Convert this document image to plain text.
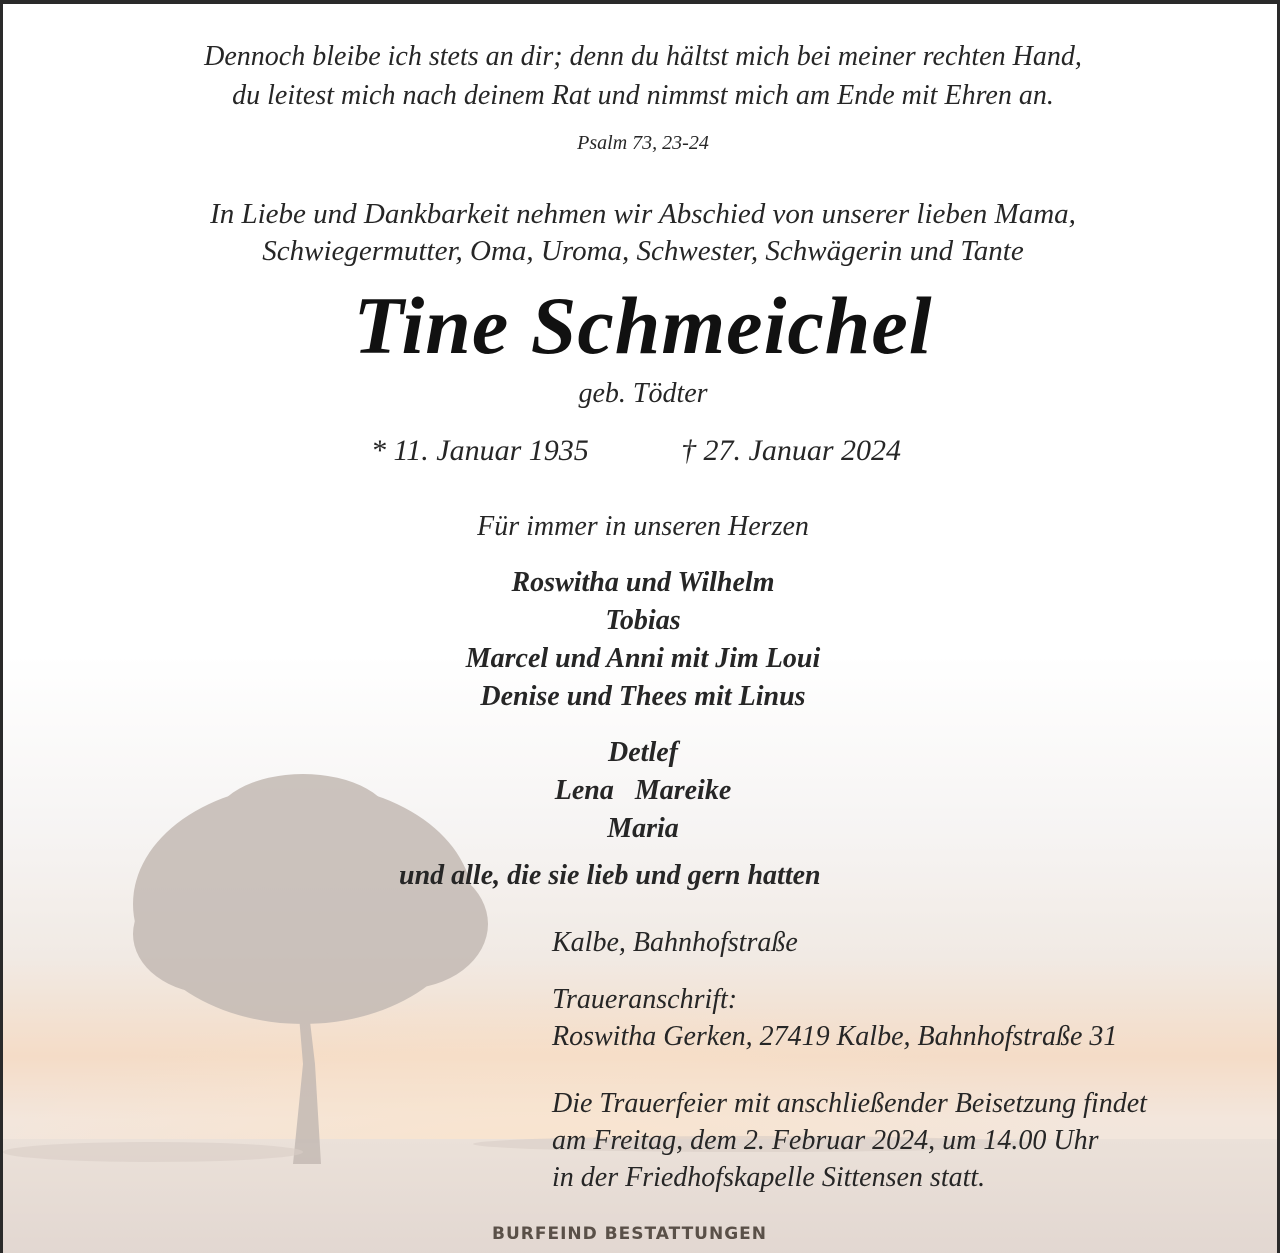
Dennoch bleibe ich stets an dir; denn du hältst mich bei meiner rechten Hand,

du leitest mich nach deinem Rat und nimmst mich am Ende mit Ehren an.

Psalm 73, 23-24

In Liebe und Dankbarkeit nehmen wir Abschied von unserer lieben Mama,

Schwiegermutter, Oma, Uroma, Schwester, Schwägerin und Tante

Tine Schmeichel

geb. Tödter

* 11. Januar 1935	† 27. Januar 2024

Für immer in unseren Herzen

Roswitha und Wilhelm

Tobias

Marcel und Anni mit Jim Loui

Denise und Thees mit Linus

Detlef

Lena   Mareike

Maria

und alle, die sie lieb und gern hatten

Kalbe, Bahnhofstraße

Traueranschrift:

Roswitha Gerken, 27419 Kalbe, Bahnhofstraße 31

Die Trauerfeier mit anschließender Beisetzung findet

am Freitag, dem 2. Februar 2024, um 14.00 Uhr

in der Friedhofskapelle Sittensen statt.

BURFEIND BESTATTUNGEN
